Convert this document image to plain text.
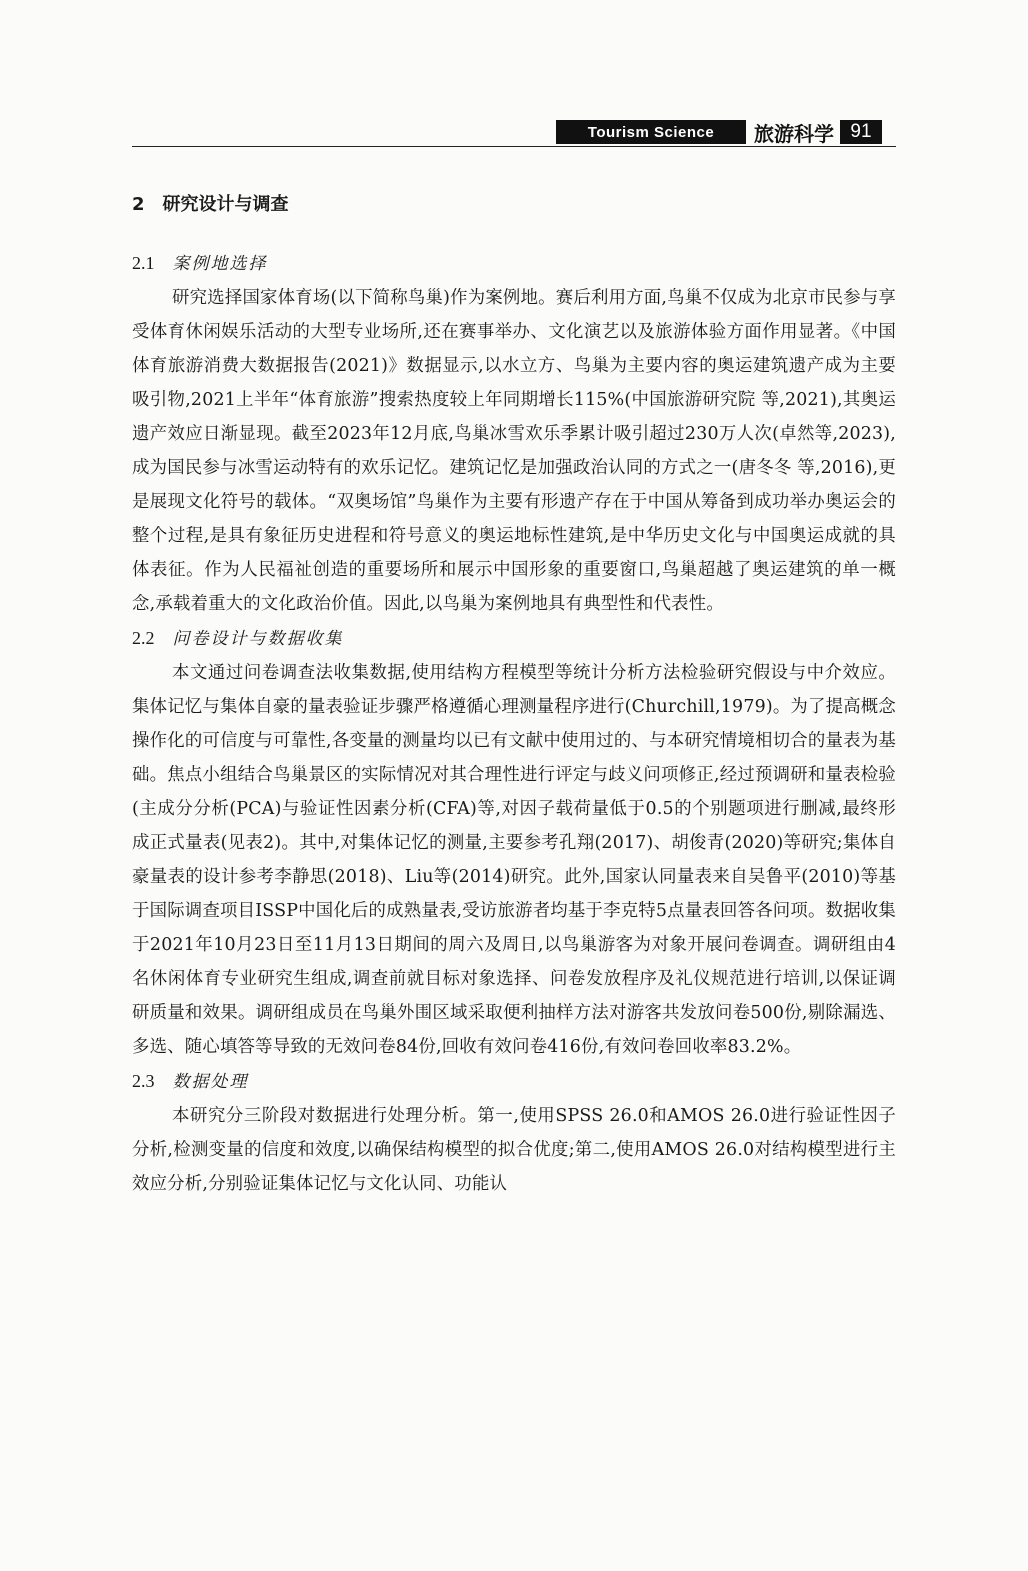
Tourism Science	旅游科学 91
2 研究设计与调查
2.1 案例地选择

研究选择国家体育场(以下简称鸟巢)作为案例地。赛后利用方面,鸟巢不仅成为北京市民参与享受体育休闲娱乐活动的大型专业场所,还在赛事举办、文化演艺以及旅游体验方面作用显著。《中国体育旅游消费大数据报告(2021)》数据显示,以水立方、鸟巢为主要内容的奥运建筑遗产成为主要吸引物,2021上半年“体育旅游”搜索热度较上年同期增长115%(中国旅游研究院 等,2021),其奥运遗产效应日渐显现。截至2023年12月底,鸟巢冰雪欢乐季累计吸引超过230万人次(卓然等,2023),成为国民参与冰雪运动特有的欢乐记忆。建筑记忆是加强政治认同的方式之一(唐冬冬 等,2016),更是展现文化符号的载体。“双奥场馆”鸟巢作为主要有形遗产存在于中国从筹备到成功举办奥运会的整个过程,是具有象征历史进程和符号意义的奥运地标性建筑,是中华历史文化与中国奥运成就的具体表征。作为人民福祉创造的重要场所和展示中国形象的重要窗口,鸟巢超越了奥运建筑的单一概念,承载着重大的文化政治价值。因此,以鸟巢为案例地具有典型性和代表性。

2.2 问卷设计与数据收集

本文通过问卷调查法收集数据,使用结构方程模型等统计分析方法检验研究假设与中介效应。集体记忆与集体自豪的量表验证步骤严格遵循心理测量程序进行(Churchill,1979)。为了提高概念操作化的可信度与可靠性,各变量的测量均以已有文献中使用过的、与本研究情境相切合的量表为基础。焦点小组结合鸟巢景区的实际情况对其合理性进行评定与歧义问项修正,经过预调研和量表检验(主成分分析(PCA)与验证性因素分析(CFA)等,对因子载荷量低于0.5的个别题项进行删减,最终形成正式量表(见表2)。其中,对集体记忆的测量,主要参考孔翔(2017)、胡俊青(2020)等研究;集体自豪量表的设计参考李静思(2018)、Liu等(2014)研究。此外,国家认同量表来自吴鲁平(2010)等基于国际调查项目ISSP中国化后的成熟量表,受访旅游者均基于李克特5点量表回答各问项。数据收集于2021年10月23日至11月13日期间的周六及周日,以鸟巢游客为对象开展问卷调查。调研组由4名休闲体育专业研究生组成,调查前就目标对象选择、问卷发放程序及礼仪规范进行培训,以保证调研质量和效果。调研组成员在鸟巢外围区域采取便利抽样方法对游客共发放问卷500份,剔除漏选、多选、随心填答等导致的无效问卷84份,回收有效问卷416份,有效问卷回收率83.2%。

2.3 数据处理

本研究分三阶段对数据进行处理分析。第一,使用SPSS 26.0和AMOS 26.0进行验证性因子分析,检测变量的信度和效度,以确保结构模型的拟合优度;第二,使用AMOS 26.0对结构模型进行主效应分析,分别验证集体记忆与文化认同、功能认
